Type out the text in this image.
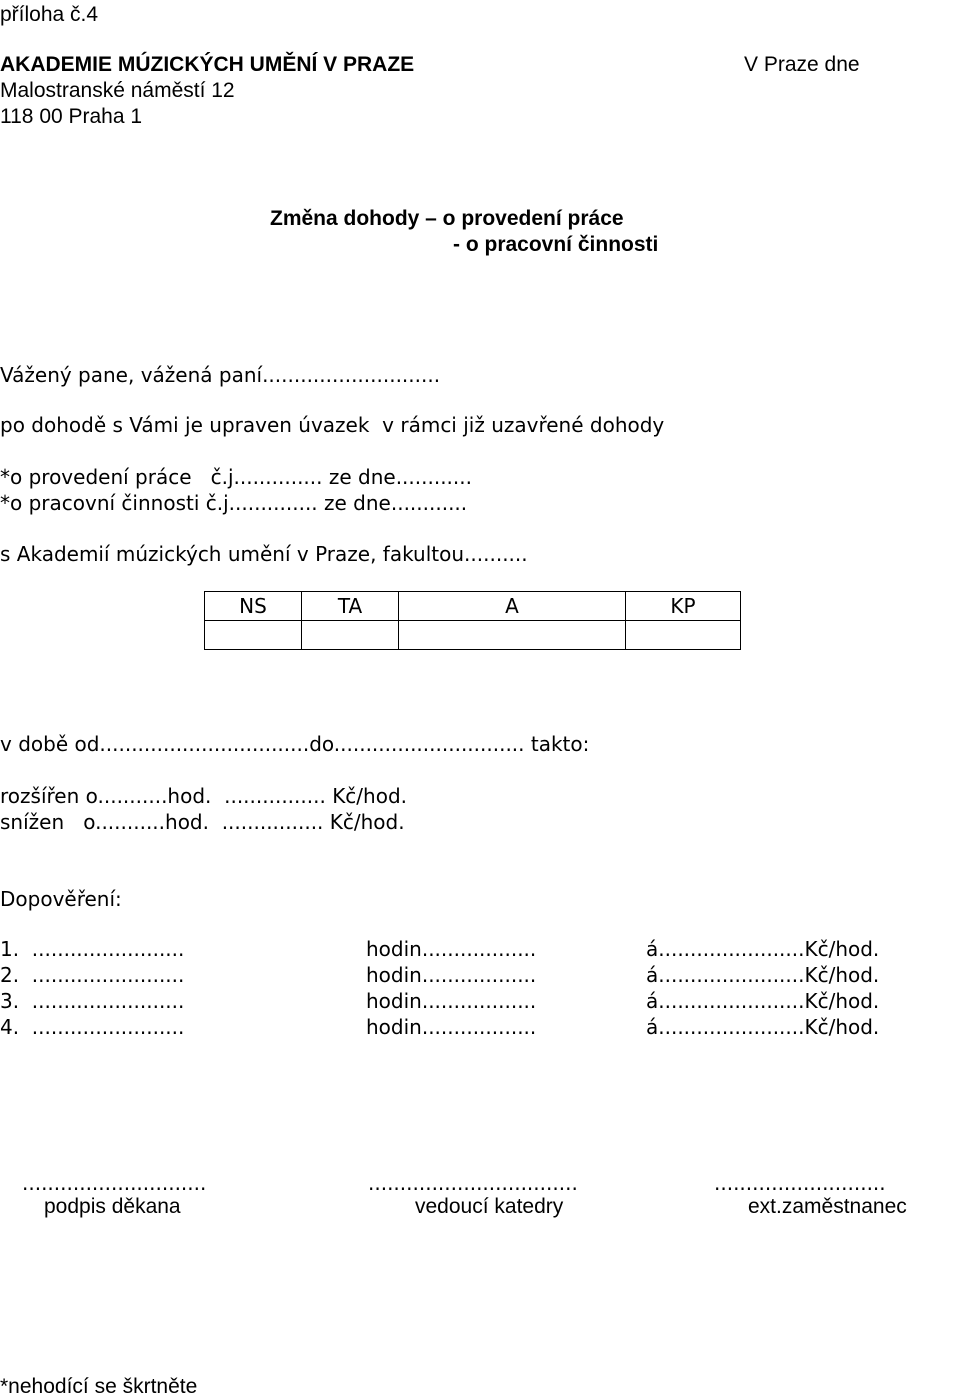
příloha č.4
AKADEMIE MÚZICKÝCH UMĚNÍ V PRAZE
Malostranské náměstí 12
118 00 Praha 1
V Praze dne
Změna dohody – o provedení práce
- o pracovní činnosti
Vážený pane, vážená paní............................
po dohodě s Vámi je upraven úvazek  v rámci již uzavřené dohody
*o provedení práce   č.j.............. ze dne............
*o pracovní činnosti č.j.............. ze dne............
s Akademií múzických umění v Praze, fakultou..........
NS	TA	A	KP

v době od.................................do.............................. takto:
rozšířen o...........hod.  ................ Kč/hod.
snížen   o...........hod.  ................ Kč/hod.
Dopověření:
1.  ........................	hodin..................	á.......................Kč/hod.
2.  ........................	hodin..................	á.......................Kč/hod.
3.  ........................	hodin..................	á.......................Kč/hod.
4.  ........................	hodin..................	á.......................Kč/hod.
.............................
podpis děkana
.................................
vedoucí katedry
...........................
ext.zaměstnanec
*nehodící se škrtněte
